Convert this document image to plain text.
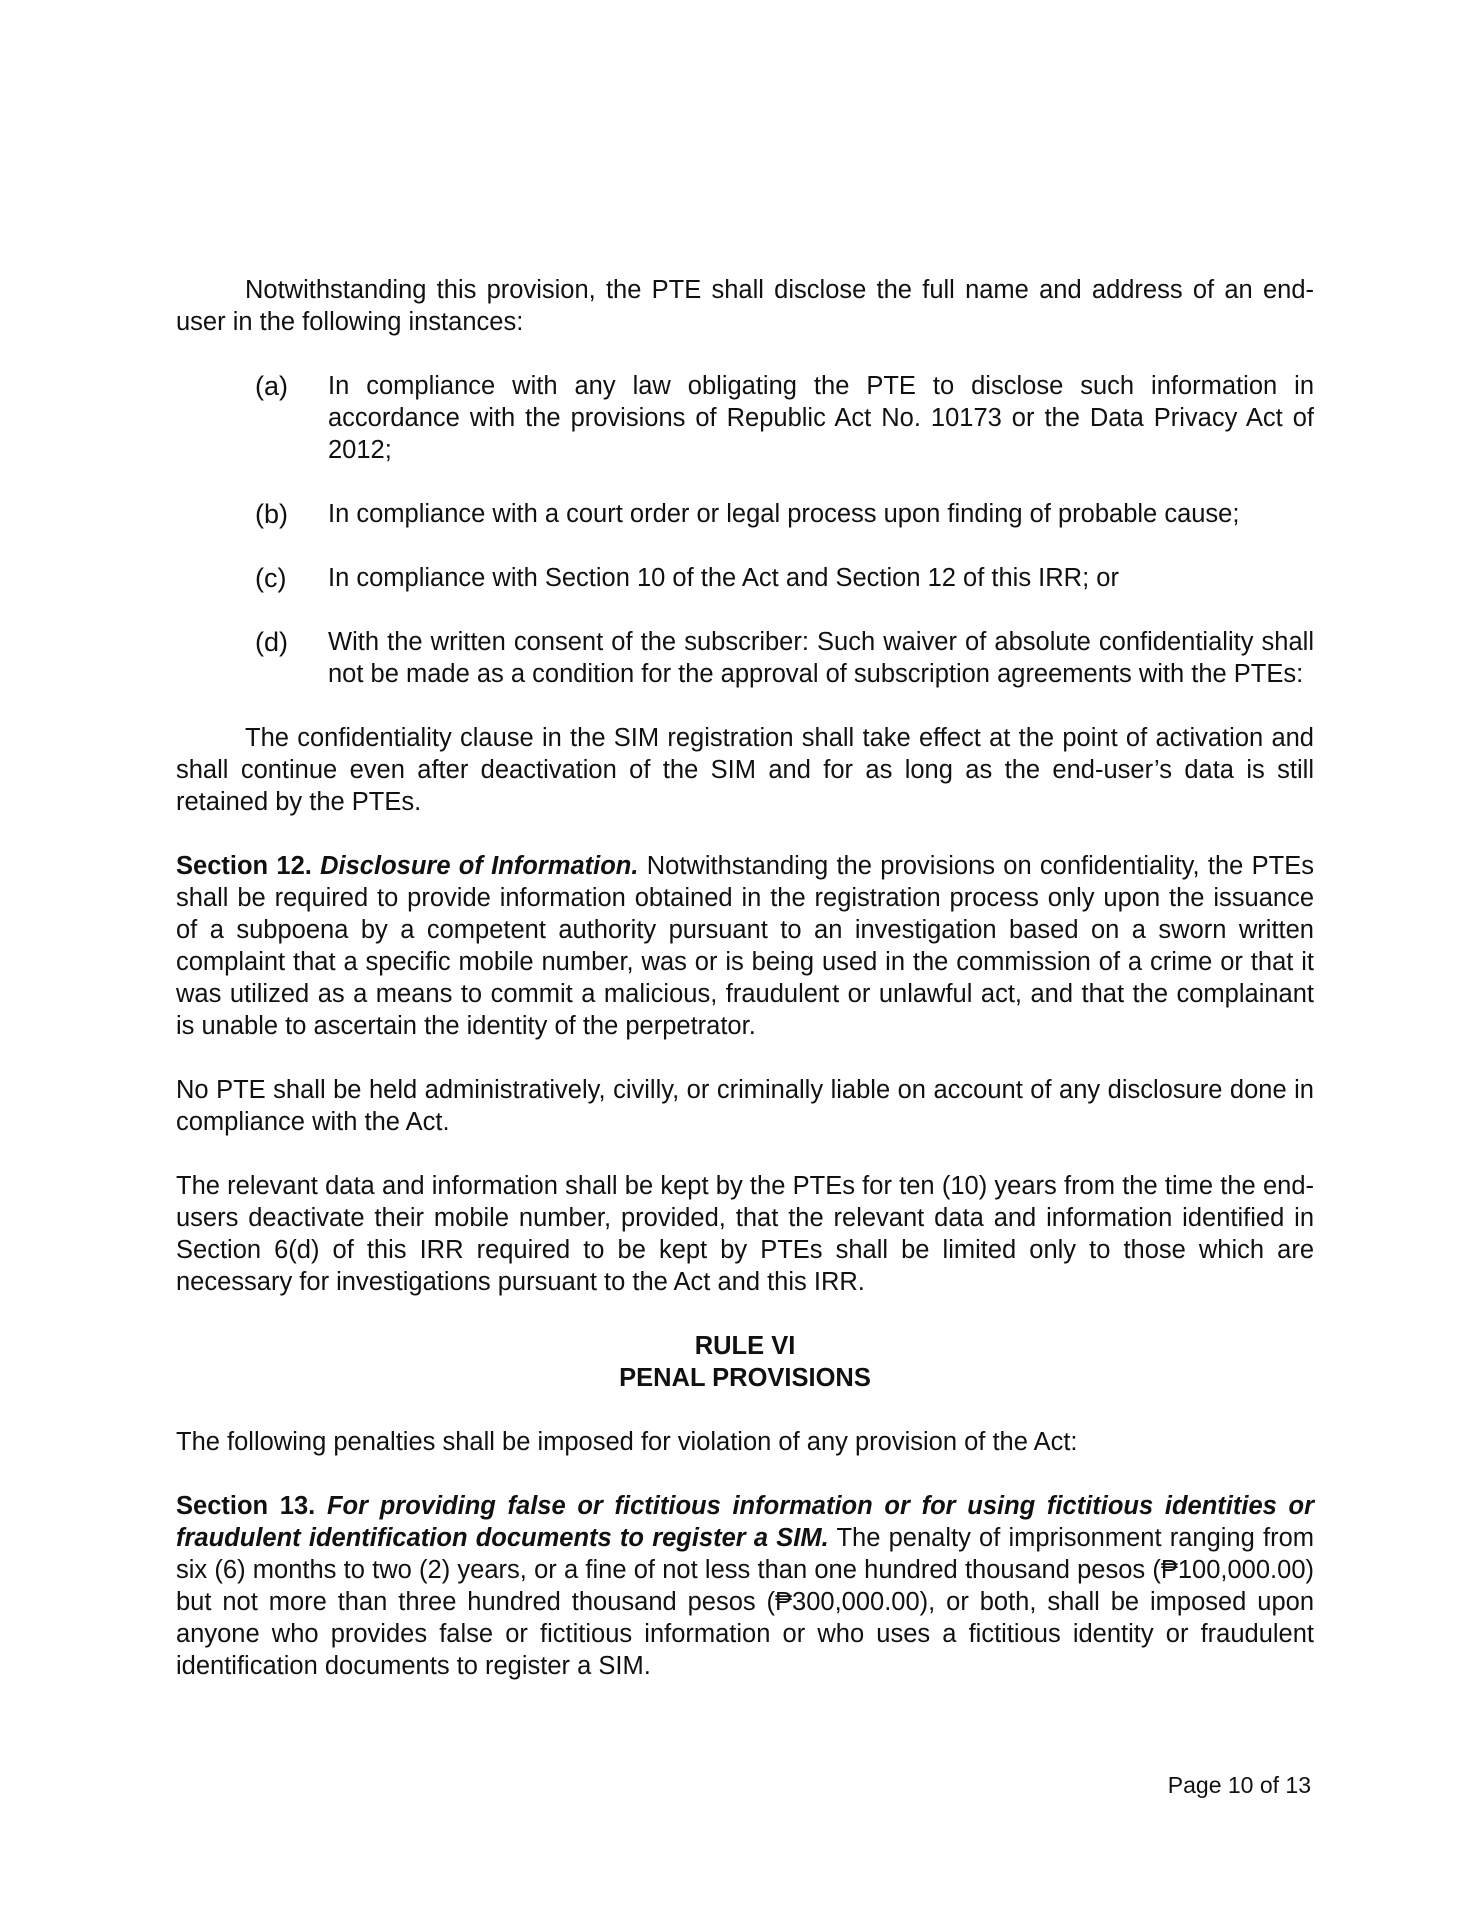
Notwithstanding this provision, the PTE shall disclose the full name and address of an end-user in the following instances:

(a)	In compliance with any law obligating the PTE to disclose such information in accordance with the provisions of Republic Act No. 10173 or the Data Privacy Act of 2012;
(b)	In compliance with a court order or legal process upon finding of probable cause;
(c)	In compliance with Section 10 of the Act and Section 12 of this IRR; or
(d)	With the written consent of the subscriber: Such waiver of absolute confidentiality shall not be made as a condition for the approval of subscription agreements with the PTEs:

The confidentiality clause in the SIM registration shall take effect at the point of activation and shall continue even after deactivation of the SIM and for as long as the end-user’s data is still retained by the PTEs.

Section 12. Disclosure of Information. Notwithstanding the provisions on confidentiality, the PTEs shall be required to provide information obtained in the registration process only upon the issuance of a subpoena by a competent authority pursuant to an investigation based on a sworn written complaint that a specific mobile number, was or is being used in the commission of a crime or that it was utilized as a means to commit a malicious, fraudulent or unlawful act, and that the complainant is unable to ascertain the identity of the perpetrator.

No PTE shall be held administratively, civilly, or criminally liable on account of any disclosure done in compliance with the Act.

The relevant data and information shall be kept by the PTEs for ten (10) years from the time the end-users deactivate their mobile number, provided, that the relevant data and information identified in Section 6(d) of this IRR required to be kept by PTEs shall be limited only to those which are necessary for investigations pursuant to the Act and this IRR.

RULE VI
PENAL PROVISIONS

The following penalties shall be imposed for violation of any provision of the Act:

Section 13. For providing false or fictitious information or for using fictitious identities or fraudulent identification documents to register a SIM. The penalty of imprisonment ranging from six (6) months to two (2) years, or a fine of not less than one hundred thousand pesos (₱100,000.00) but not more than three hundred thousand pesos (₱300,000.00), or both, shall be imposed upon anyone who provides false or fictitious information or who uses a fictitious identity or fraudulent identification documents to register a SIM.

Page 10 of 13
